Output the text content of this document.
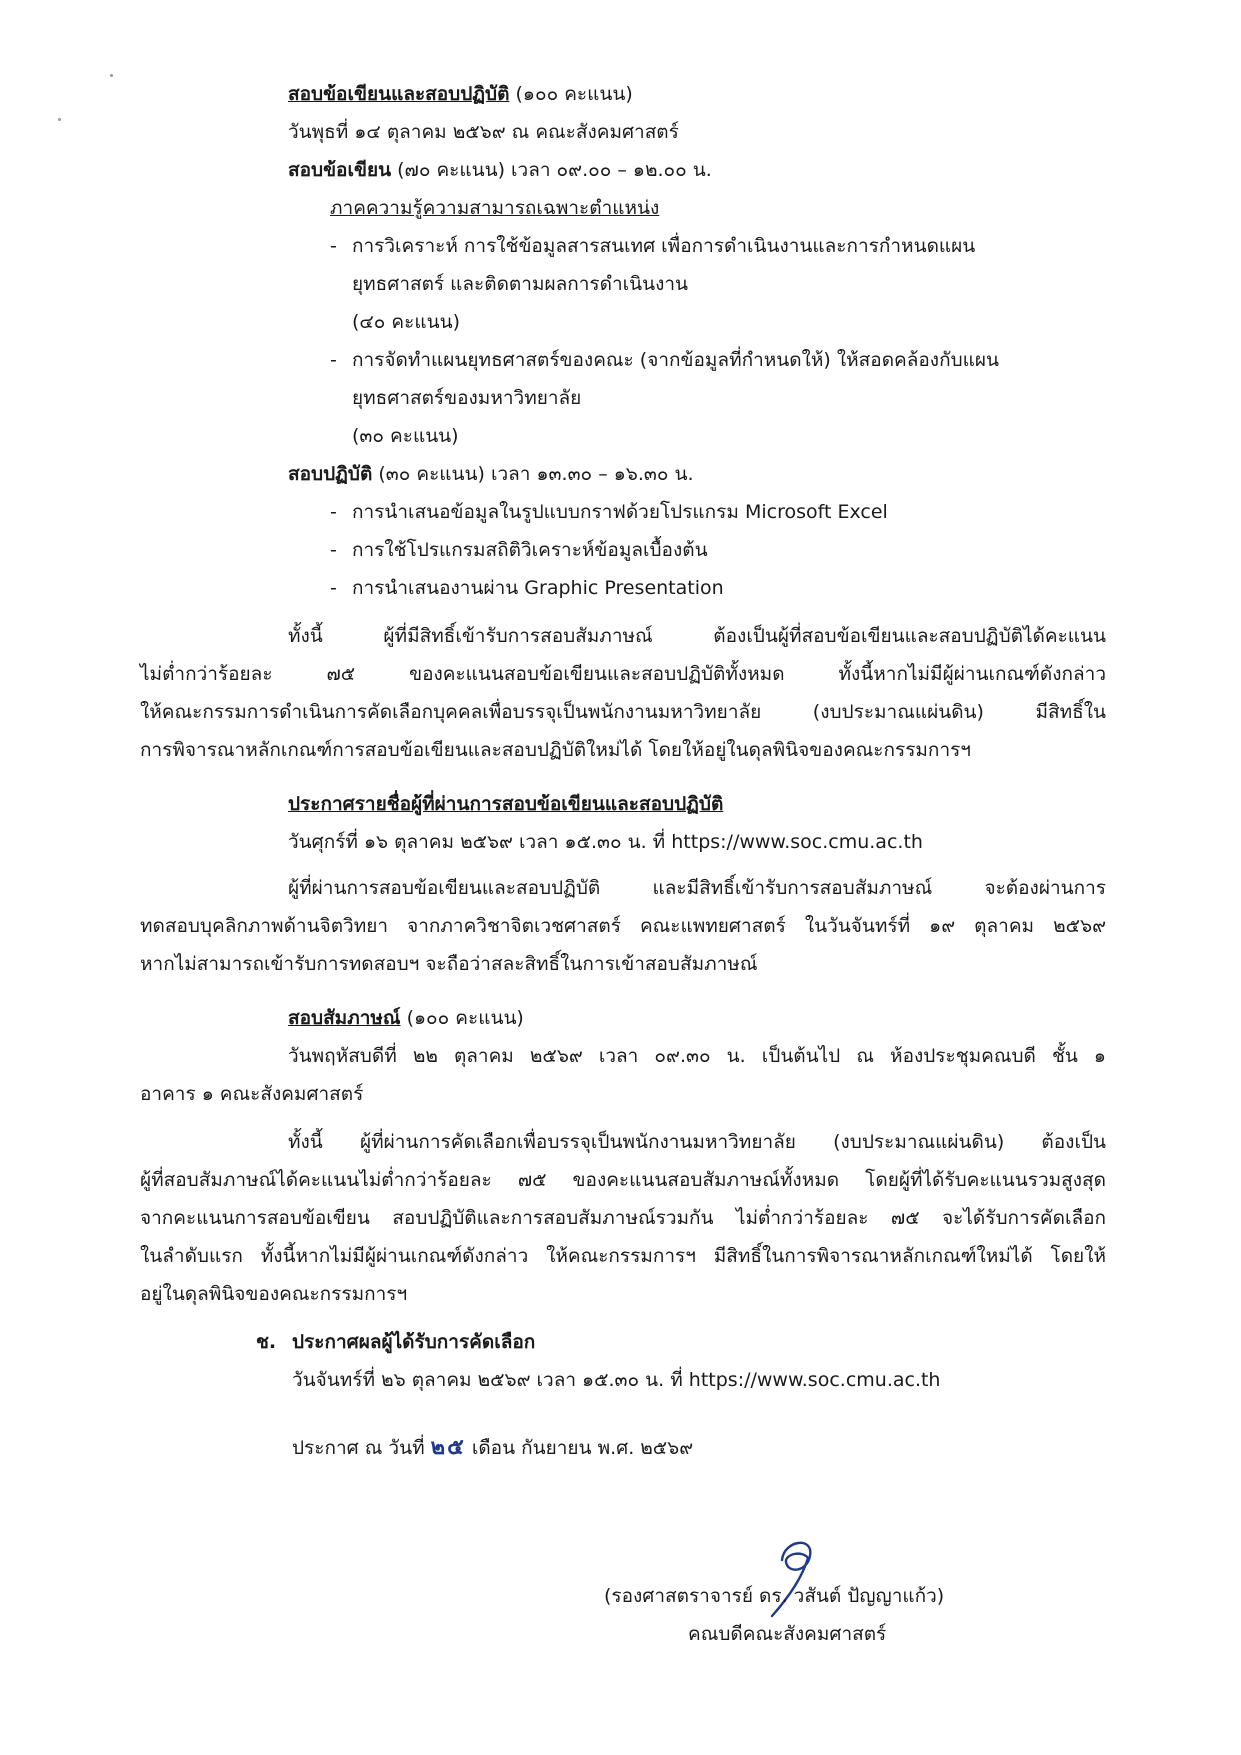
สอบข้อเขียนและสอบปฏิบัติ (๑๐๐ คะแนน)
วันพุธที่ ๑๔ ตุลาคม ๒๕๖๙ ณ คณะสังคมศาสตร์
สอบข้อเขียน (๗๐ คะแนน) เวลา ๐๙.๐๐ – ๑๒.๐๐ น.
ภาคความรู้ความสามารถเฉพาะตำแหน่ง
- การวิเคราะห์ การใช้ข้อมูลสารสนเทศ เพื่อการดำเนินงานและการกำหนดแผน
ยุทธศาสตร์ และติดตามผลการดำเนินงาน
(๔๐ คะแนน)
- การจัดทำแผนยุทธศาสตร์ของคณะ (จากข้อมูลที่กำหนดให้) ให้สอดคล้องกับแผน
ยุทธศาสตร์ของมหาวิทยาลัย
(๓๐ คะแนน)
สอบปฏิบัติ (๓๐ คะแนน) เวลา ๑๓.๓๐ – ๑๖.๓๐ น.
- การนำเสนอข้อมูลในรูปแบบกราฟด้วยโปรแกรม Microsoft Excel
- การใช้โปรแกรมสถิติวิเคราะห์ข้อมูลเบื้องต้น
- การนำเสนองานผ่าน Graphic Presentation
ทั้งนี้ ผู้ที่มีสิทธิ์เข้ารับการสอบสัมภาษณ์ ต้องเป็นผู้ที่สอบข้อเขียนและสอบปฏิบัติได้คะแนน
ไม่ต่ำกว่าร้อยละ ๗๕ ของคะแนนสอบข้อเขียนและสอบปฏิบัติทั้งหมด ทั้งนี้หากไม่มีผู้ผ่านเกณฑ์ดังกล่าว
ให้คณะกรรมการดำเนินการคัดเลือกบุคคลเพื่อบรรจุเป็นพนักงานมหาวิทยาลัย (งบประมาณแผ่นดิน) มีสิทธิ์ใน
การพิจารณาหลักเกณฑ์การสอบข้อเขียนและสอบปฏิบัติใหม่ได้ โดยให้อยู่ในดุลพินิจของคณะกรรมการฯ
ประกาศรายชื่อผู้ที่ผ่านการสอบข้อเขียนและสอบปฏิบัติ
วันศุกร์ที่ ๑๖ ตุลาคม ๒๕๖๙ เวลา ๑๕.๓๐ น. ที่ https://www.soc.cmu.ac.th
ผู้ที่ผ่านการสอบข้อเขียนและสอบปฏิบัติ และมีสิทธิ์เข้ารับการสอบสัมภาษณ์ จะต้องผ่านการ
ทดสอบบุคลิกภาพด้านจิตวิทยา จากภาควิชาจิตเวชศาสตร์ คณะแพทยศาสตร์ ในวันจันทร์ที่ ๑๙ ตุลาคม ๒๕๖๙
หากไม่สามารถเข้ารับการทดสอบฯ จะถือว่าสละสิทธิ์ในการเข้าสอบสัมภาษณ์
สอบสัมภาษณ์ (๑๐๐ คะแนน)
วันพฤหัสบดีที่ ๒๒ ตุลาคม ๒๕๖๙ เวลา ๐๙.๓๐ น. เป็นต้นไป ณ ห้องประชุมคณบดี ชั้น ๑
อาคาร ๑ คณะสังคมศาสตร์
ทั้งนี้ ผู้ที่ผ่านการคัดเลือกเพื่อบรรจุเป็นพนักงานมหาวิทยาลัย (งบประมาณแผ่นดิน) ต้องเป็น
ผู้ที่สอบสัมภาษณ์ได้คะแนนไม่ต่ำกว่าร้อยละ ๗๕ ของคะแนนสอบสัมภาษณ์ทั้งหมด โดยผู้ที่ได้รับคะแนนรวมสูงสุด
จากคะแนนการสอบข้อเขียน สอบปฏิบัติและการสอบสัมภาษณ์รวมกัน ไม่ต่ำกว่าร้อยละ ๗๕ จะได้รับการคัดเลือก
ในลำดับแรก ทั้งนี้หากไม่มีผู้ผ่านเกณฑ์ดังกล่าว ให้คณะกรรมการฯ มีสิทธิ์ในการพิจารณาหลักเกณฑ์ใหม่ได้ โดยให้
อยู่ในดุลพินิจของคณะกรรมการฯ
ช. ประกาศผลผู้ได้รับการคัดเลือก
วันจันทร์ที่ ๒๖ ตุลาคม ๒๕๖๙ เวลา ๑๕.๓๐ น. ที่ https://www.soc.cmu.ac.th
ประกาศ ณ วันที่ ๒๕ เดือน กันยายน พ.ศ. ๒๕๖๙
(รองศาสตราจารย์ ดร. วสันต์ ปัญญาแก้ว)
คณบดีคณะสังคมศาสตร์
